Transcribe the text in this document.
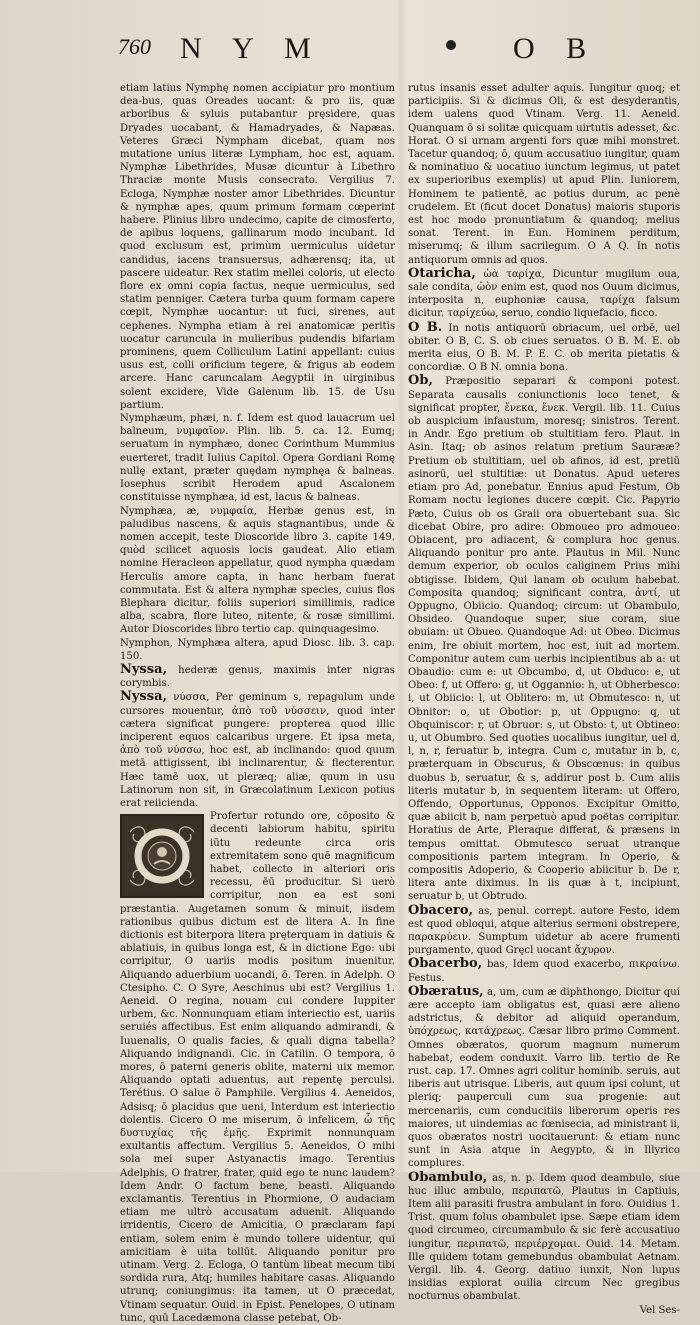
760 N Y M	O B

etiam latius Nymphę nomen accipiatur pro montium dea-bus, quas Oreades uocant: & pro iis, quæ arboribus & syluis putabantur pręsidere, quas Dryades uocabant, & Hamadryades, & Napæas. Veteres Græci Nympham dicebat, quam nos mutatione unius literæ Lympham, hoc est, aquam. Nymphæ Libethrides, Musæ dicuntur à Libethro Thraciæ monte Musis consecrato. Vergilius 7. Ecloga, Nymphæ noster amor Libethrides. Dicuntur & nymphæ apes, quum primum formam cœperint habere. Plinius libro undecimo, capite de cimosferto, de apibus loquens, gallinarum modo incubant. Id quod exclusum est, primùm uermiculus uidetur candidus, iacens transuersus, adhærensq; ita, ut pascere uideatur. Rex statim mellei coloris, ut electo flore ex omni copia factus, neque uermiculus, sed statim penniger. Cætera turba quum formam capere cœpit, Nymphæ uocantur: ut fuci, sirenes, aut cephenes. Nympha etiam à rei anatomicæ peritis uocatur caruncula in mulieribus pudendis bifariam prominens, quem Colliculum Latini appellant: cuius usus est, colli orificium tegere, & frigus ab eodem arcere. Hanc caruncalam Aegyptii in uirginibus solent excidere, Vide Galenum lib. 15. de Usu partium.

Nymphæum, phæi, n. f. Idem est quod lauacrum uel balneum, νυμφαῖον. Plin. lib. 5. ca. 12. Eumq; seruatum in nymphæo, donec Corinthum Mummius euerteret, tradit Iulius Capitol. Opera Gordiani Romę nullę extant, præter quędam nymphęa & balneas. Iosephus scribit Herodem apud Ascalonem constituisse nymphæa, id est, lacus & balneas.

Nymphæa, æ, νυμφαία, Herbæ genus est, in paludibus nascens, & aquis stagnantibus, unde & nomen accepit, teste Dioscoride libro 3. capite 149. quòd scilicet aquosis locis gaudeat. Alio etiam nomine Heracleon appellatur, quod nympha quædam Herculis amore capta, in hanc herbam fuerat commutata. Est & altera nymphæ species, cuius flos Blephara dicitur, foliis superiori simillimis, radice alba, scabra, flore luteo, nitente, & rosæ simillimi. Autor Dioscorides libro tertio cap. quinquagesimo.

Nymphon, Nymphæa altera, apud Diosc. lib. 3. cap. 150.

Nyssa, hederæ genus, maximis inter nigras corymbis.

Nyssa, νύσσα, Per geminum s, repagulum unde cursores mouentur, ἀπὸ τοῦ νύσσειν, quod inter cætera significat pungere: propterea quod illic inciperent equos calcaribus urgere. Et ipsa meta, ἀπὸ τοῦ νύσσω, hoc est, ab inclinando: quod quum metā attigissent, ibi inclinarentur, & flecterentur. Hæc tamē uox, ut pleræq; aliæ, quum in usu Latinorum non sit, in Græcolatinum Lexicon potius erat reiicienda.

Profertur rotundo ore, cōposito & decenti labiorum habitu, spiritu iūtu redeunte circa oris extremitatem sono quē magnificum habet, collecto in alteriori oris recessu, ēū producitur. Si uerò corripitur, non ea est soni præstantia. Augetamen sonum & minuit, iisdem rationibus quibus dictum est de litera A. In fine dictionis est biterpora litera pręterquam in datiuis & ablatiuis, in quibus longa est, & in dictione Ego: ubi corripitur, O uariis modis positum inuenitur. Aliquando aduerbium uocandi, ō. Teren. in Adelph. O Ctesipho. C. O Syre, Aeschinus ubi est? Vergilius 1. Aeneid. O regina, nouam cui condere Iuppiter urbem, &c. Nonnunquam etiam interiectio est, uariis seruiés affectibus. Est enim aliquando admirandi, & Iuuenalis, O qualis facies, & quali digna tabella? Aliquando indignandi. Cic. in Catilin. O tempora, ō mores, ō paterni generis oblite, materni uix memor. Aliquando optati aduentus, aut repentę perculsi. Terétius. O salue ō Pamphile. Vergilius 4. Aeneidos, Adsisq; ō placidus que ueni, Interdum est interiectio dolentis. Cicero O me miserum, ō infelicem, ὦ τῆς δυστυχίας τῆς ἐμῆς. Exprimit nonnunquam exultantis affectum. Vergilius 5. Aeneidos, O mihi sola mei super Astyanactis imago. Terentius Adelphis, O fratrer, frater, quid ego te nunc laudem? Idem Andr. O factum bene, beasti. Aliquando exclamantis. Terentius in Phormione, O audaciam etiam me ultrò accusatum aduenit. Aliquando irridentis, Cicero de Amicitia, O præclaram fapi entiam, solem enim è mundo tollere uidentur, qui amicitiam è uita tollūt. Aliquando ponitur pro utinam. Verg. 2. Ecloga, O tantùm libeat mecum tibi sordida rura, Atq; humiles habitare casas. Aliquando utrunq; coniungimus: ita tamen, ut O præcedat, Vtinam sequatur. Ouid. in Epist. Penelopes, O utinam tunc, quū Lacedæmona classe petebat, Ob-

rutus insanis esset adulter aquis. Iungitur quoq; et participiis. Si & dicimus Oli, & est desyderantis, idem ualens quod Vtinam. Verg. 11. Aeneid. Quanquam ō si solitæ quicquam uirtutis adesset, &c. Horat. O si urnam argenti fors quæ mihi monstret. Tacetur quandoq; ō, quum accusatiuo iungitur, quam & nominatiuo & uocatiuo iunctum legimus, ut patet ex superioribus exemplis) ut apud Plin. Iuniorem, Hominem te patientē, ac potius durum, ac penè crudelem. Et (ficut docet Donatus) maioris stuporis est hoc modo pronuntiatum & quandoq; melius sonat. Terent. in Eun. Hominem perditum, miserumq; & illum sacrilegum. O A Q. In notis antiquorum omnis ad quos.

Otaricha, ὠὰ ταρίχα, Dicuntur mugilum oua, sale condita, ὠὸν enim est, quod nos Ouum dicimus, interposita n, euphoniæ causa, ταρίχα falsum dicitur. ταρίχεύω, seruo, condio liquefacio, ficco.

O B. In notis antiquorū obriacum, uel orbē, uel obiter. O B, C. S. ob ciues seruatos. O B. M. E. ob merita eius, O B. M. P. E. C. ob merita pietatis & concordiæ. O B N. omnia bona.

Ob, Præpositio separari & componi potest. Separata causalis coniunctionis loco tenet, & significat propter, ἕνεκα, ἕνεκ. Vergil. lib. 11. Cuius ob auspicium infaustum, moresq; sinistros. Terent. in Andr. Ego pretium ob stultitiam fero. Plaut. in Asin. Itaq; ob asinos relatum pretium Saurææ? Pretium ob stultitiam, uel ob afinos, id est, pretiū asinorū, uel stultitiæ: ut Donatus. Apud ueteres etiam pro Ad, ponebatur. Ennius apud Festum, Ob Romam noctu legiones ducere cœpit. Cic. Papyrio Pæto, Cuius ob os Graii ora obuertebant sua. Sic dicebat Obire, pro adire: Obmoueo pro admoueo: Obiacent, pro adiacent, & complura hoc genus. Aliquando ponitur pro ante. Plautus in Mil. Nunc demum experior, ob oculos caliginem Prius mihi obtigisse. Ibidem, Qui lanam ob oculum habebat. Composita quandoq; significant contra, ἀντί, ut Oppugno, Obiicio. Quandoq; circum: ut Obambulo, Obsideo. Quandoque super, siue coram, siue obuiam: ut Obueo. Quandoque Ad: ut Obeo. Dicimus enim, Ire obiuit mortem, hoc est, iuit ad mortem. Componitur autem cum uerbis incipientibus ab a: ut Obaudio: cum e: ut Obcumbo, d, ut Obduco: e, ut Obeo: f, ut Offero: g, ut Oggannio: h, ut Obherbesco: i, ut Obiicio: l, ut Oblitero: m, ut Obmutesco: n, ut Obnitor: o, ut Obotior: p, ut Oppugno: q, ut Obquiniscor: r, ut Obruor: s, ut Obsto: t, ut Obtineo: u, ut Obumbro. Sed quoties uocalibus iungitur, uel d, l, n, r, feruatur b, integra. Cum c, mutatur in b, c, præterquam in Obscurus, & Obscœnus: in quibus duobus b, seruatur, & s, addirur post b. Cum aliis literis mutatur b, in sequentem literam: ut Offero, Offendo, Opportunus, Opponos. Excipitur Omitto, quæ abiicit b, nam perpetuò apud poëtas corripitur. Horatius de Arte, Pleraque differat, & præsens in tempus omittat. Obmutesco seruat utranque compositionis partem integram. In Operio, & compositis Adoperio, & Cooperio abiicitur b. De r, litera ante diximus. In iis quæ à t, incipiunt, seruatur b, ut Obtrudo.

Obacero, as, penul. corrept. autore Festo, idem est quod obloqui, atque alterius sermoni obstrepere, παρακρύειν. Sumptum uidetur ab acere frumenti purgamento, quod Gręcl uocant ἄχυρον.

Obacerbo, bas, Idem quod exacerbo, πικραίνω. Festus.

Obæratus, a, um, cum æ diphthongo, Dicitur qui ære accepto iam obligatus est, quasi ære alieno adstrictus, & debitor ad aliquid operandum, ὑπόχρεως, κατάχρεως. Cæsar libro primo Comment. Omnes obæratos, quorum magnum numerum habebat, eodem conduxit. Varro lib. tertio de Re rust. cap. 17. Omnes agri colitur hominib. seruis, aut liberis aut utrisque. Liberis, aut quum ipsi colunt, ut pleriq; pauperculi cum sua progenie: aut mercenariis, cum conducitiis liberorum operis res maiores, ut uindemias ac fœnisecia, ad ministrant ii, quos obæratos nostri uocitauerunt: & etiam nunc sunt in Asia atque in Aegypto, & in Illyrico complures.

Obambulo, as, n. p. Idem quod deambulo, siue huc illuc ambulo, περιπατῶ, Plautus in Captiuis, Item alii parasiti frustra ambulant in foro. Ouidius 1. Trist. quum folus obambulet ipse. Sæpe etiam idem quod circumeo, circumambulo & sic ferè accusatiuo iungitur, περιπατῶ, περιέρχομαι. Ouid. 14. Metam. Ille quidem totam gemebundus obambulat Aetnam. Vergil. lib. 4. Georg. datiuo iunxit, Non lupus insidias explorat ouilia circum Nec gregibus nocturnus obambulat.

Vel Ses-
